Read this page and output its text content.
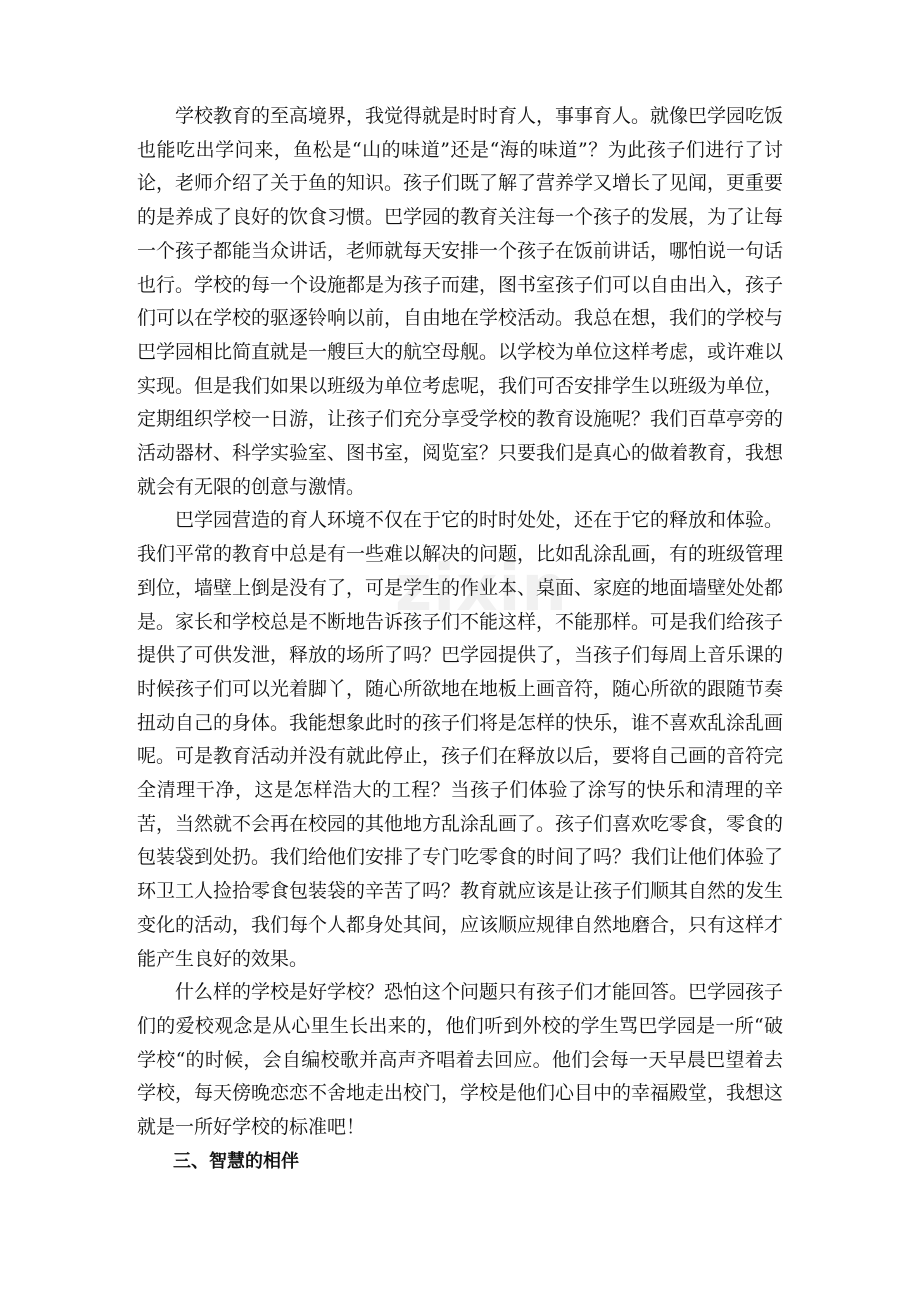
学校教育的至高境界，我觉得就是时时育人，事事育人。就像巴学园吃饭也能吃出学问来，鱼松是“山的味道”还是“海的味道”？为此孩子们进行了讨论，老师介绍了关于鱼的知识。孩子们既了解了营养学又增长了见闻，更重要的是养成了良好的饮食习惯。巴学园的教育关注每一个孩子的发展，为了让每一个孩子都能当众讲话，老师就每天安排一个孩子在饭前讲话，哪怕说一句话也行。学校的每一个设施都是为孩子而建，图书室孩子们可以自由出入，孩子们可以在学校的驱逐铃响以前，自由地在学校活动。我总在想，我们的学校与巴学园相比简直就是一艘巨大的航空母舰。以学校为单位这样考虑，或许难以实现。但是我们如果以班级为单位考虑呢，我们可否安排学生以班级为单位，定期组织学校一日游，让孩子们充分享受学校的教育设施呢？我们百草亭旁的活动器材、科学实验室、图书室，阅览室？只要我们是真心的做着教育，我想就会有无限的创意与激情。

巴学园营造的育人环境不仅在于它的时时处处，还在于它的释放和体验。我们平常的教育中总是有一些难以解决的问题，比如乱涂乱画，有的班级管理到位，墙壁上倒是没有了，可是学生的作业本、桌面、家庭的地面墙壁处处都是。家长和学校总是不断地告诉孩子们不能这样，不能那样。可是我们给孩子提供了可供发泄，释放的场所了吗？巴学园提供了，当孩子们每周上音乐课的时候孩子们可以光着脚丫，随心所欲地在地板上画音符，随心所欲的跟随节奏扭动自己的身体。我能想象此时的孩子们将是怎样的快乐，谁不喜欢乱涂乱画呢。可是教育活动并没有就此停止，孩子们在释放以后，要将自己画的音符完全清理干净，这是怎样浩大的工程？当孩子们体验了涂写的快乐和清理的辛苦，当然就不会再在校园的其他地方乱涂乱画了。孩子们喜欢吃零食，零食的包装袋到处扔。我们给他们安排了专门吃零食的时间了吗？我们让他们体验了环卫工人捡拾零食包装袋的辛苦了吗？教育就应该是让孩子们顺其自然的发生变化的活动，我们每个人都身处其间，应该顺应规律自然地磨合，只有这样才能产生良好的效果。

什么样的学校是好学校？恐怕这个问题只有孩子们才能回答。巴学园孩子们的爱校观念是从心里生长出来的，他们听到外校的学生骂巴学园是一所“破学校“的时候，会自编校歌并高声齐唱着去回应。他们会每一天早晨巴望着去学校，每天傍晚恋恋不舍地走出校门，学校是他们心目中的幸福殿堂，我想这就是一所好学校的标准吧！

三、智慧的相伴

zixin
